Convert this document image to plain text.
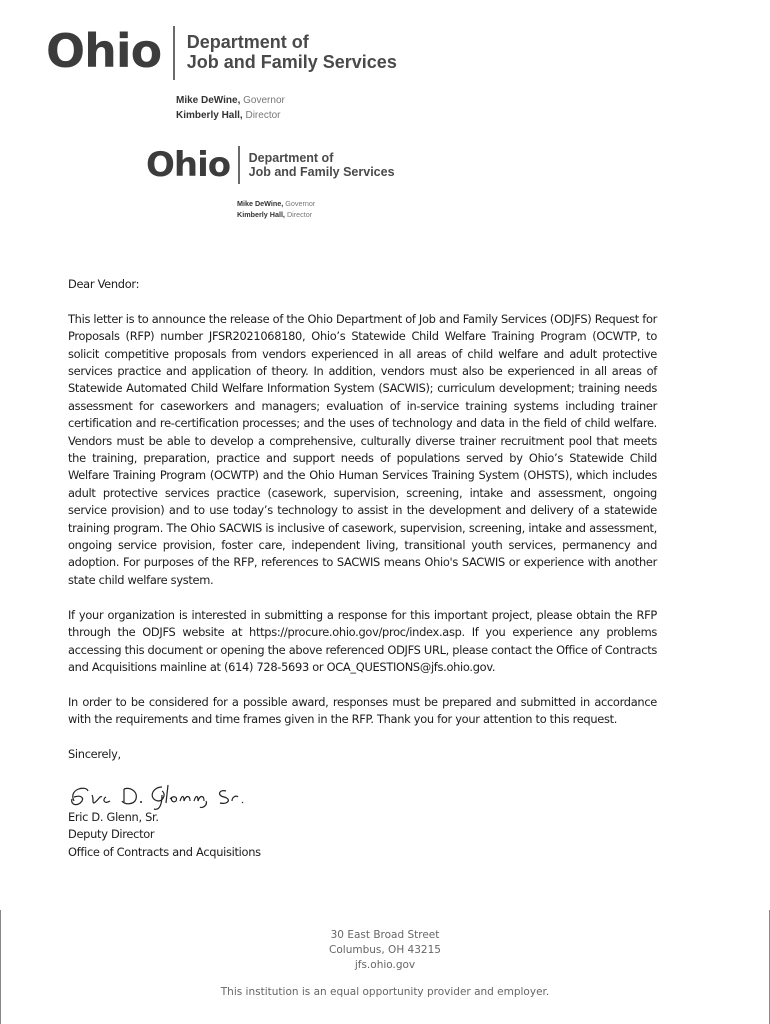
Ohio Department of
Job and Family Services
Mike DeWine, Governor
Kimberly Hall, Director
Ohio Department of
Job and Family Services
Mike DeWine, Governor
Kimberly Hall, Director

Dear Vendor:

This letter is to announce the release of the Ohio Department of Job and Family Services (ODJFS) Request for Proposals (RFP) number JFSR2021068180, Ohio’s Statewide Child Welfare Training Program (OCWTP, to solicit competitive proposals from vendors experienced in all areas of child welfare and adult protective services practice and application of theory. In addition, vendors must also be experienced in all areas of Statewide Automated Child Welfare Information System (SACWIS); curriculum development; training needs assessment for caseworkers and managers; evaluation of in-service training systems including trainer certification and re-certification processes; and the uses of technology and data in the field of child welfare. Vendors must be able to develop a comprehensive, culturally diverse trainer recruitment pool that meets the training, preparation, practice and support needs of populations served by Ohio’s Statewide Child Welfare Training Program (OCWTP) and the Ohio Human Services Training System (OHSTS), which includes adult protective services practice (casework, supervision, screening, intake and assessment, ongoing service provision) and to use today’s technology to assist in the development and delivery of a statewide training program. The Ohio SACWIS is inclusive of casework, supervision, screening, intake and assessment, ongoing service provision, foster care, independent living, transitional youth services, permanency and adoption. For purposes of the RFP, references to SACWIS means Ohio's SACWIS or experience with another state child welfare system.

If your organization is interested in submitting a response for this important project, please obtain the RFP through the ODJFS website at https://procure.ohio.gov/proc/index.asp. If you experience any problems accessing this document or opening the above referenced ODJFS URL, please contact the Office of Contracts and Acquisitions mainline at (614) 728-5693 or OCA_QUESTIONS@jfs.ohio.gov.

In order to be considered for a possible award, responses must be prepared and submitted in accordance with the requirements and time frames given in the RFP. Thank you for your attention to this request.

Sincerely,

Eric D. Glenn, Sr.
Deputy Director
Office of Contracts and Acquisitions
30 East Broad Street
Columbus, OH 43215
jfs.ohio.gov
This institution is an equal opportunity provider and employer.
